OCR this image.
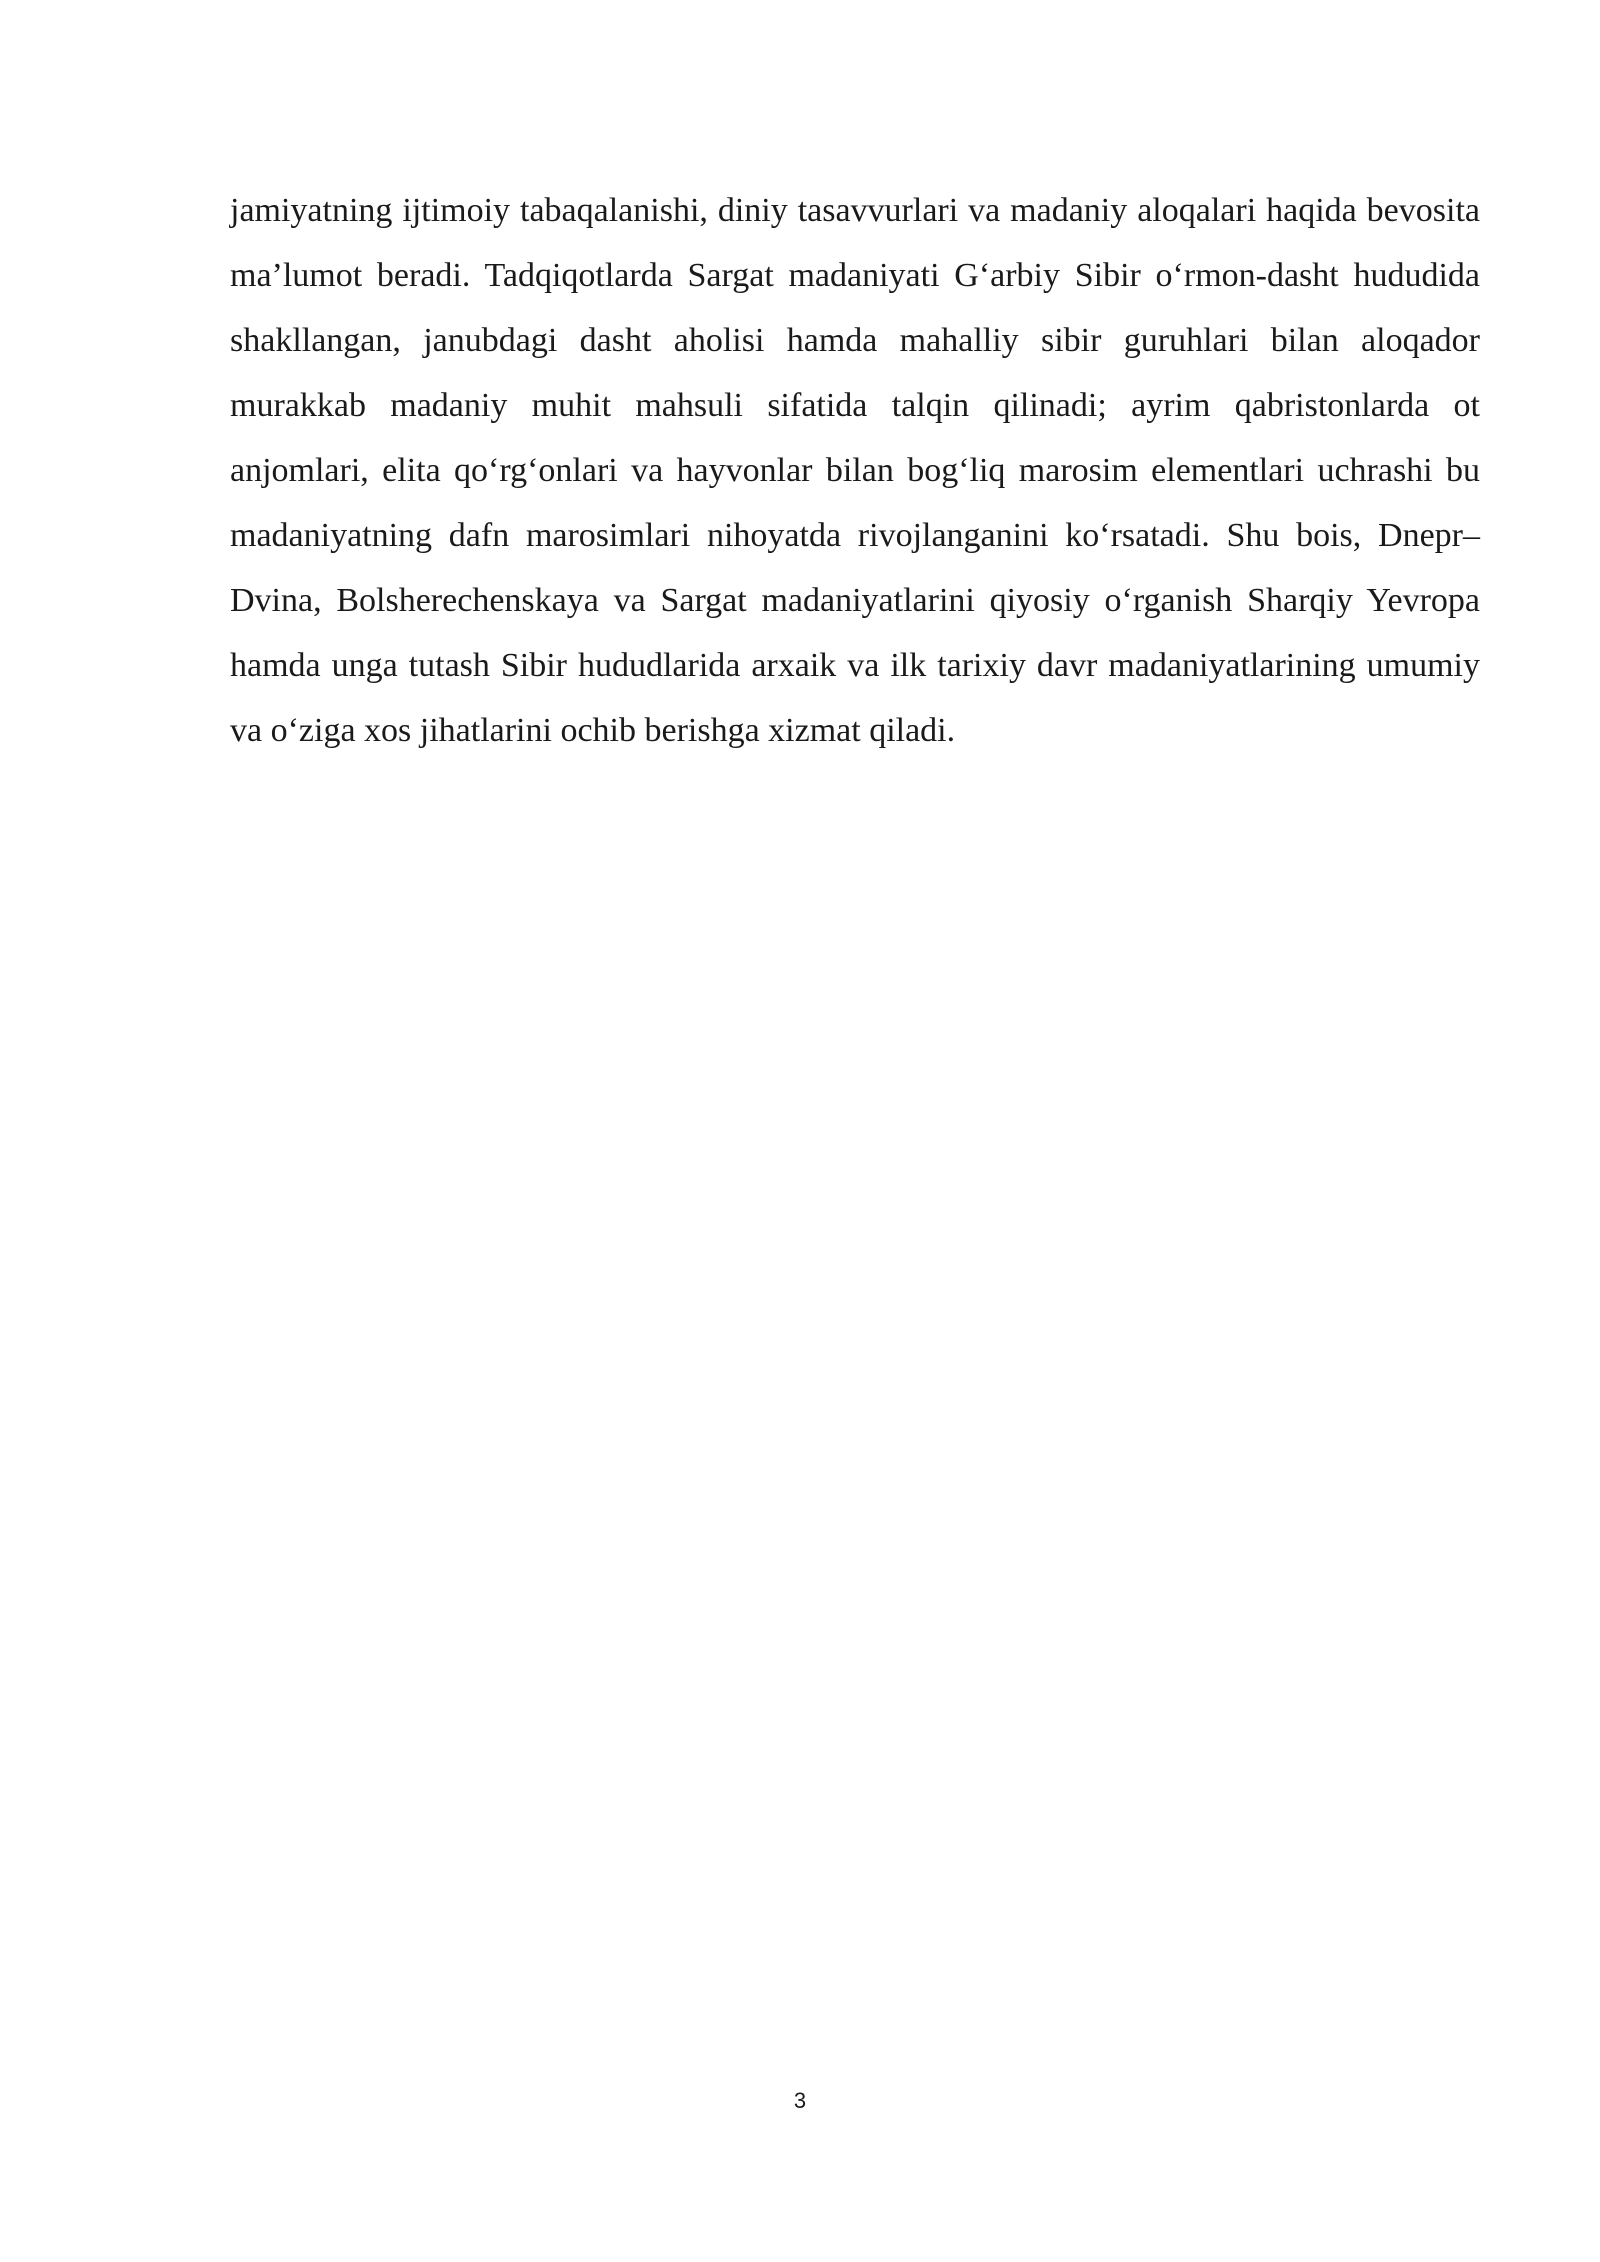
jamiyatning ijtimoiy tabaqalanishi, diniy tasavvurlari va madaniy aloqalari haqida bevosita ma’lumot beradi. Tadqiqotlarda Sargat madaniyati G‘arbiy Sibir o‘rmon-dasht hududida shakllangan, janubdagi dasht aholisi hamda mahalliy sibir guruhlari bilan aloqador murakkab madaniy muhit mahsuli sifatida talqin qilinadi; ayrim qabristonlarda ot anjomlari, elita qo‘rg‘onlari va hayvonlar bilan bog‘liq marosim elementlari uchrashi bu madaniyatning dafn marosimlari nihoyatda rivojlanganini ko‘rsatadi. Shu bois, Dnepr–Dvina, Bolsherechenskaya va Sargat madaniyatlarini qiyosiy o‘rganish Sharqiy Yevropa hamda unga tutash Sibir hududlarida arxaik va ilk tarixiy davr madaniyatlarining umumiy va o‘ziga xos jihatlarini ochib berishga xizmat qiladi.

3
